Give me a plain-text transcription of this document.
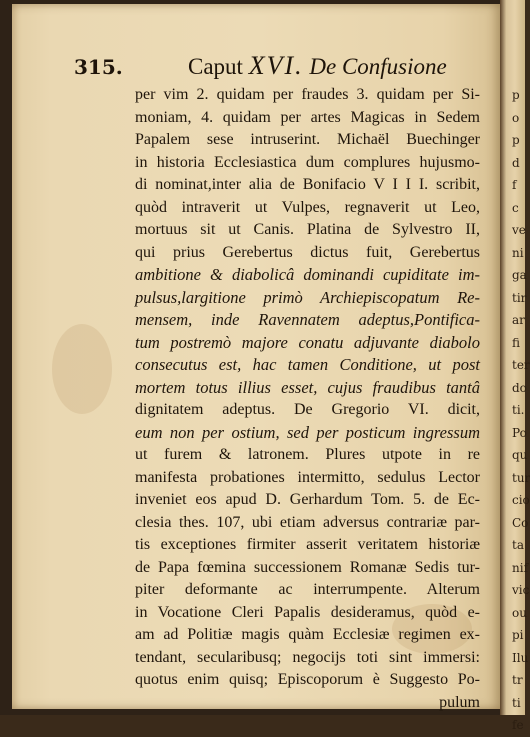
p
o
p
d
f
c
ve
ni
ga
tir
ar
fi
ter
do
ti.
Po
qu
tur
cio
Co
ta
nif
vic
ou
pi
Ilu
tr
ti
fe
315.	Caput XVI. De Confusione
per vim 2. quidam per fraudes 3. quidam per Si-
moniam, 4. quidam per artes Magicas in Sedem
Papalem sese intruserint. Michaël Buechinger
in historia Ecclesiastica dum complures hujusmo-
di nominat,inter alia de Bonifacio V I I I. scribit,
quòd intraverit ut Vulpes, regnaverit ut Leo,
mortuus sit ut Canis. Platina de Sylvestro II,
qui prius Gerebertus dictus fuit, Gerebertus
ambitione & diabolicâ dominandi cupiditate im-
pulsus,largitione primò Archiepiscopatum Re-
mensem, inde Ravennatem adeptus,Pontifica-
tum postremò majore conatu adjuvante diabolo
consecutus est, hac tamen Conditione, ut post
mortem totus illius esset, cujus fraudibus tantâ
dignitatem adeptus. De Gregorio VI. dicit,
eum non per ostium, sed per posticum ingressum
ut furem & latronem. Plures utpote in re
manifesta probationes intermitto, sedulus Lector
inveniet eos apud D. Gerhardum Tom. 5. de Ec-
clesia thes. 107, ubi etiam adversus contrariæ par-
tis exceptiones firmiter asserit veritatem historiæ
de Papa fœmina successionem Romanæ Sedis tur-
piter deformante ac interrumpente. Alterum
in Vocatione Cleri Papalis desideramus, quòd e-
am ad Politiæ magis quàm Ecclesiæ regimen ex-
tendant, secularibusq; negocijs toti sint immersi:
quotus enim quisq; Episcoporum è Suggesto Po-
pulum
